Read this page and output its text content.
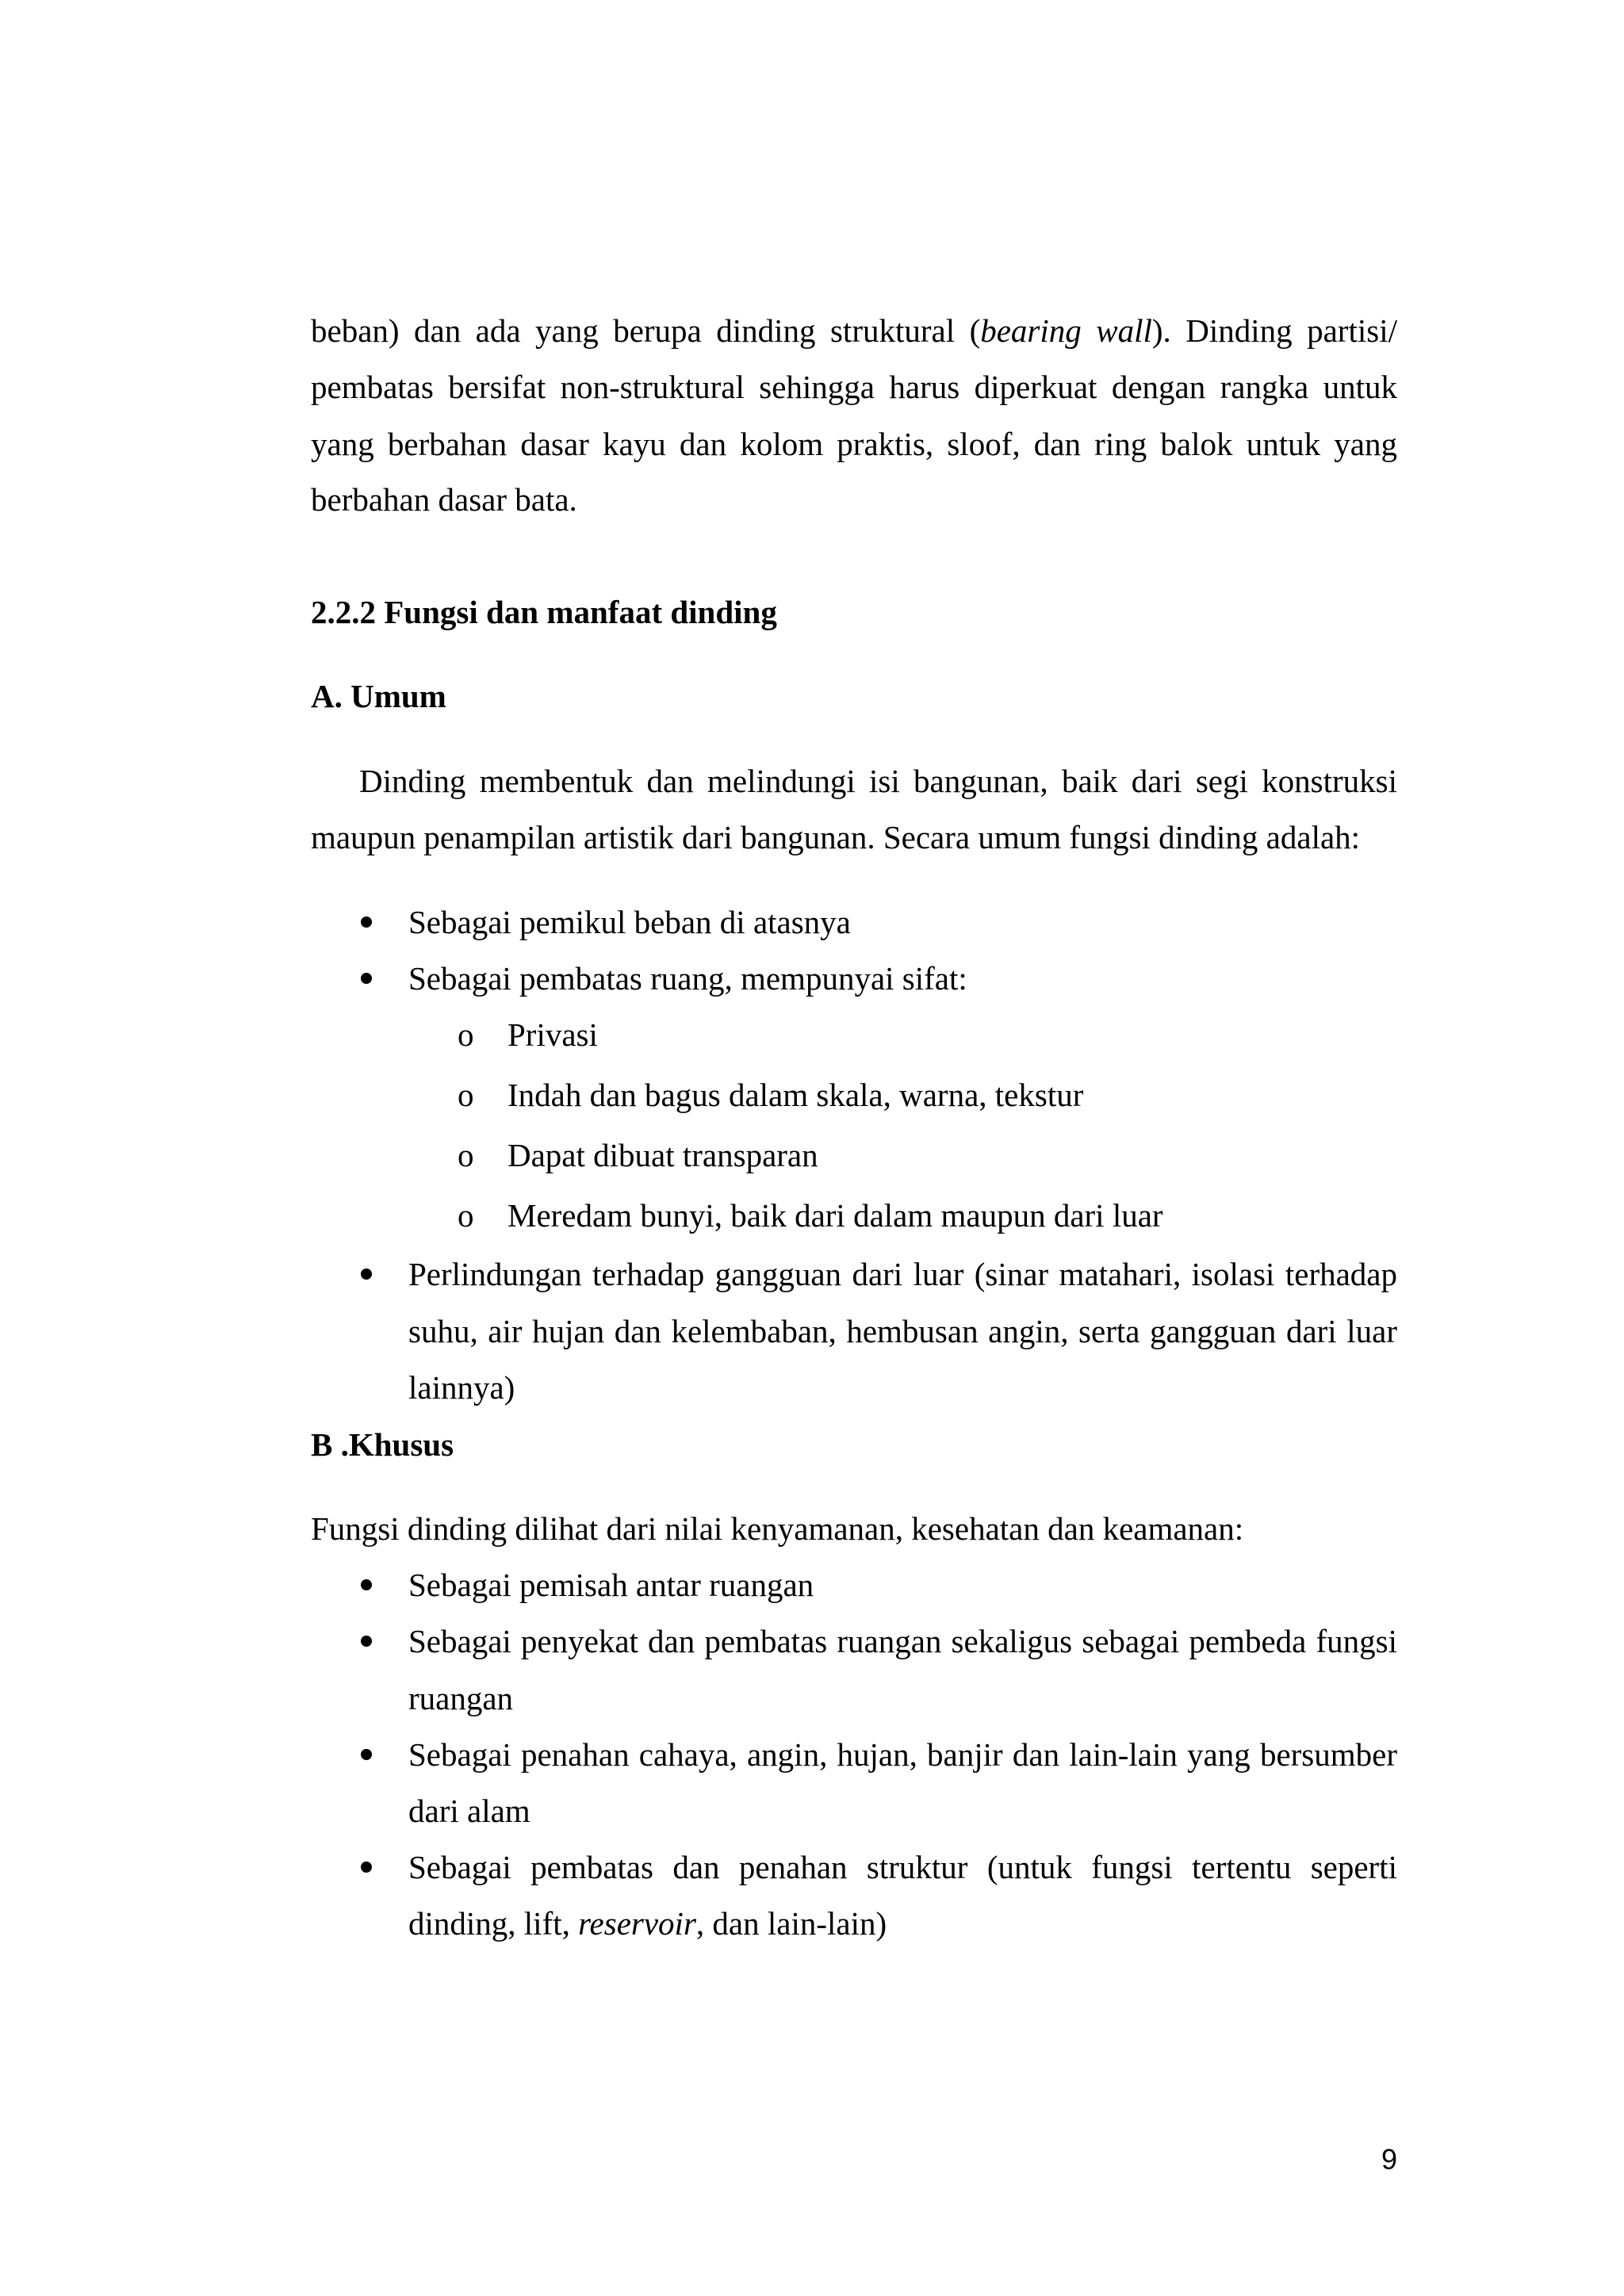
beban) dan ada yang berupa dinding struktural (bearing wall). Dinding partisi/
pembatas bersifat non-struktural sehingga harus diperkuat dengan rangka untuk
yang berbahan dasar kayu dan kolom praktis, sloof, dan ring balok untuk yang
berbahan dasar bata.
2.2.2 Fungsi dan manfaat dinding
A. Umum
Dinding membentuk dan melindungi isi bangunan, baik dari segi konstruksi
maupun penampilan artistik dari bangunan. Secara umum fungsi dinding adalah:
Sebagai pemikul beban di atasnya
Sebagai pembatas ruang, mempunyai sifat:
o Privasi
o Indah dan bagus dalam skala, warna, tekstur
o Dapat dibuat transparan
o Meredam bunyi, baik dari dalam maupun dari luar
Perlindungan terhadap gangguan dari luar (sinar matahari, isolasi terhadap
suhu, air hujan dan kelembaban, hembusan angin, serta gangguan dari luar
lainnya)
B .Khusus
Fungsi dinding dilihat dari nilai kenyamanan, kesehatan dan keamanan:
Sebagai pemisah antar ruangan
Sebagai penyekat dan pembatas ruangan sekaligus sebagai pembeda fungsi
ruangan
Sebagai penahan cahaya, angin, hujan, banjir dan lain-lain yang bersumber
dari alam
Sebagai pembatas dan penahan struktur (untuk fungsi tertentu seperti
dinding, lift, reservoir, dan lain-lain)
9
